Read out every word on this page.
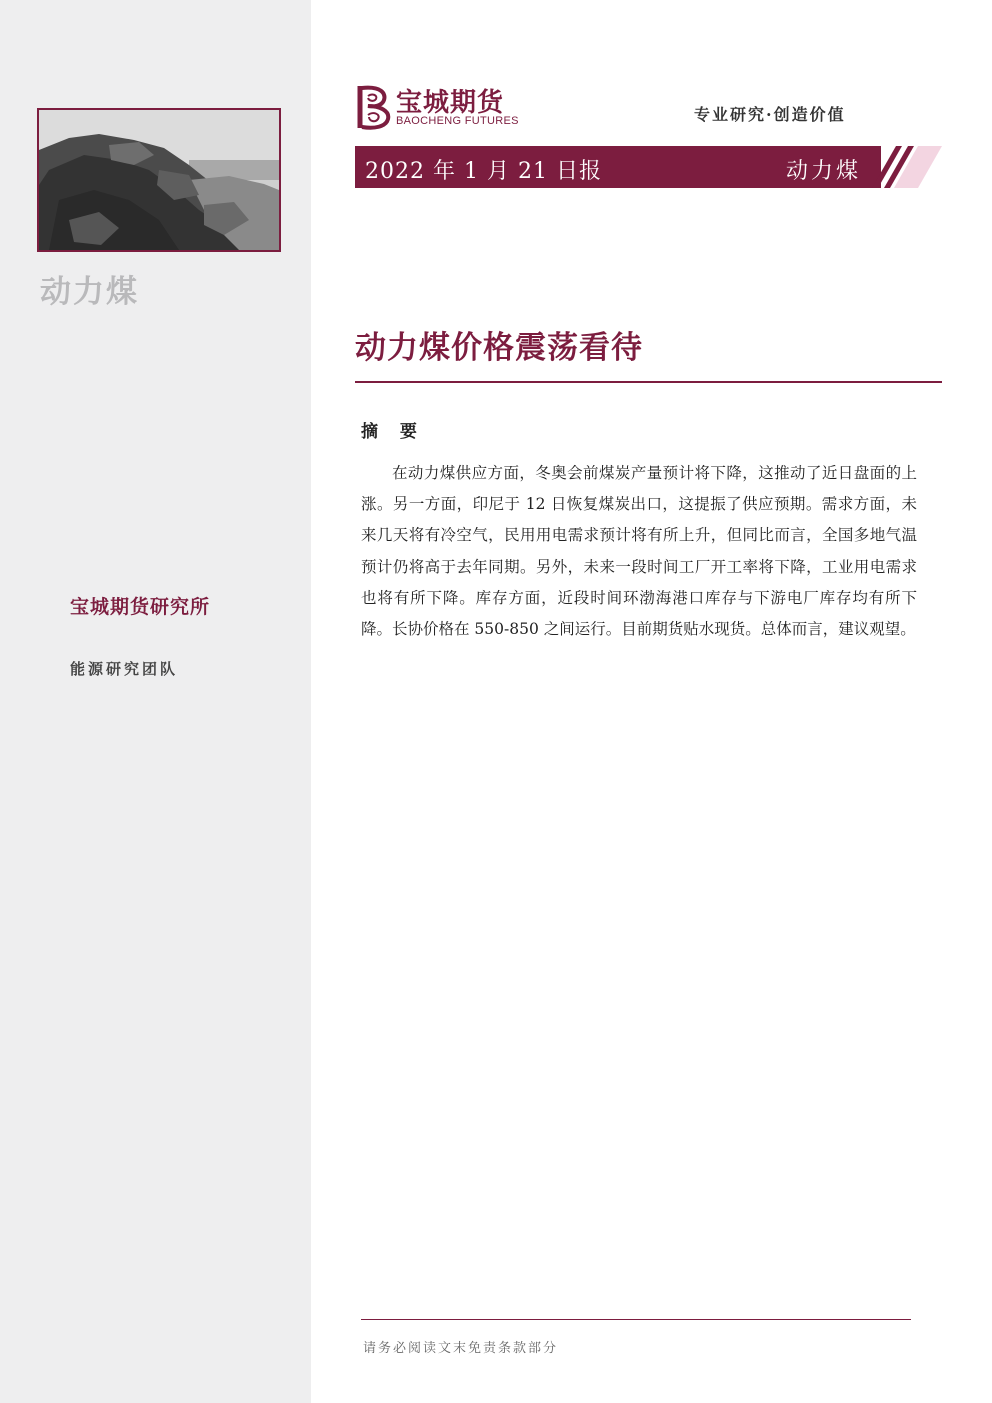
动力煤
宝城期货研究所
能源研究团队
宝城期货
BAOCHENG FUTURES	专业研究·创造价值
2022 年 1 月 21 日报	动力煤
动力煤价格震荡看待
摘 要

在动力煤供应方面，冬奥会前煤炭产量预计将下降，这推动了近日盘面的上涨。另一方面，印尼于 12 日恢复煤炭出口，这提振了供应预期。需求方面，未来几天将有冷空气，民用用电需求预计将有所上升，但同比而言，全国多地气温预计仍将高于去年同期。另外，未来一段时间工厂开工率将下降，工业用电需求也将有所下降。库存方面，近段时间环渤海港口库存与下游电厂库存均有所下降。长协价格在 550-850 之间运行。目前期货贴水现货。总体而言，建议观望。

请务必阅读文末免责条款部分
